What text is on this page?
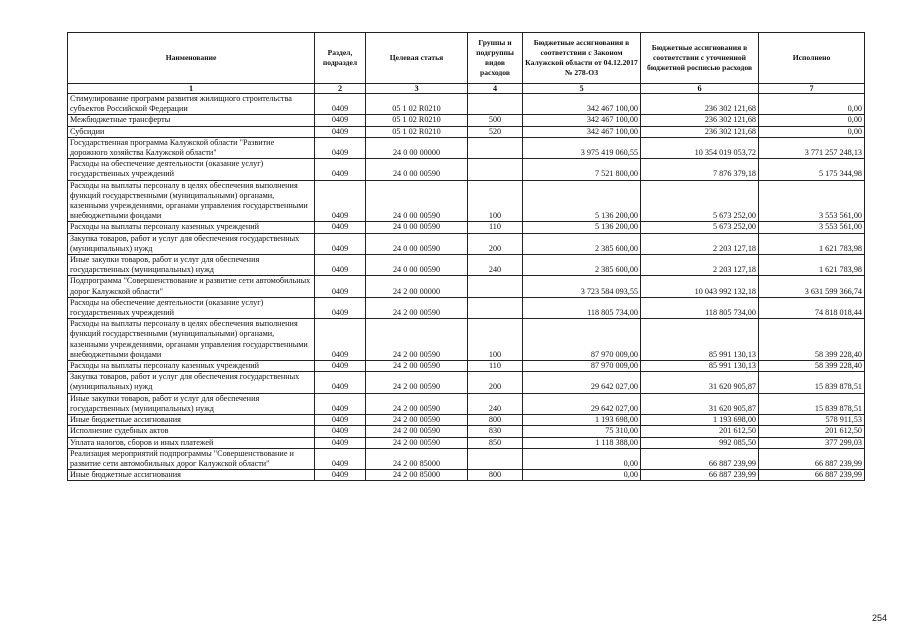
Наименование	Раздел, подраздел	Целевая статья	Группы и подгруппы видов расходов	Бюджетные ассигнования в соответствии с Законом Калужской области от 04.12.2017 № 278-ОЗ	Бюджетные ассигнования в соответствии с уточненной бюджетной росписью расходов	Исполнено
1	2	3	4	5	6	7
Стимулирование программ развития жилищного строительства субъектов Российской Федерации	0409	05 1 02 R0210		342 467 100,00	236 302 121,68	0,00
Межбюджетные трансферты	0409	05 1 02 R0210	500	342 467 100,00	236 302 121,68	0,00
Субсидии	0409	05 1 02 R0210	520	342 467 100,00	236 302 121,68	0,00
Государственная программа Калужской области "Развитие дорожного хозяйства Калужской области"	0409	24 0 00 00000		3 975 419 060,55	10 354 019 053,72	3 771 257 248,13
Расходы на обеспечение деятельности (оказание услуг) государственных учреждений	0409	24 0 00 00590		7 521 800,00	7 876 379,18	5 175 344,98
Расходы на выплаты персоналу в целях обеспечения выполнения функций государственными (муниципальными) органами, казенными учреждениями, органами управления государственными внебюджетными фондами	0409	24 0 00 00590	100	5 136 200,00	5 673 252,00	3 553 561,00
Расходы на выплаты персоналу казенных учреждений	0409	24 0 00 00590	110	5 136 200,00	5 673 252,00	3 553 561,00
Закупка товаров, работ и услуг для обеспечения государственных (муниципальных) нужд	0409	24 0 00 00590	200	2 385 600,00	2 203 127,18	1 621 783,98
Иные закупки товаров, работ и услуг для обеспечения государственных (муниципальных) нужд	0409	24 0 00 00590	240	2 385 600,00	2 203 127,18	1 621 783,98
Подпрограмма "Совершенствование и развитие сети автомобильных дорог Калужской области"	0409	24 2 00 00000		3 723 584 093,55	10 043 992 132,18	3 631 599 366,74
Расходы на обеспечение деятельности (оказание услуг) государственных учреждений	0409	24 2 00 00590		118 805 734,00	118 805 734,00	74 818 018,44
Расходы на выплаты персоналу в целях обеспечения выполнения функций государственными (муниципальными) органами, казенными учреждениями, органами управления государственными внебюджетными фондами	0409	24 2 00 00590	100	87 970 009,00	85 991 130,13	58 399 228,40
Расходы на выплаты персоналу казенных учреждений	0409	24 2 00 00590	110	87 970 009,00	85 991 130,13	58 399 228,40
Закупка товаров, работ и услуг для обеспечения государственных (муниципальных) нужд	0409	24 2 00 00590	200	29 642 027,00	31 620 905,87	15 839 878,51
Иные закупки товаров, работ и услуг для обеспечения государственных (муниципальных) нужд	0409	24 2 00 00590	240	29 642 027,00	31 620 905,87	15 839 878,51
Иные бюджетные ассигнования	0409	24 2 00 00590	800	1 193 698,00	1 193 698,00	578 911,53
Исполнение судебных актов	0409	24 2 00 00590	830	75 310,00	201 612,50	201 612,50
Уплата налогов, сборов и иных платежей	0409	24 2 00 00590	850	1 118 388,00	992 085,50	377 299,03
Реализация мероприятий подпрограммы "Совершенствование и развитие сети автомобильных дорог Калужской области"	0409	24 2 00 85000		0,00	66 887 239,99	66 887 239,99
Иные бюджетные ассигнования	0409	24 2 00 85000	800	0,00	66 887 239,99	66 887 239,99
254
